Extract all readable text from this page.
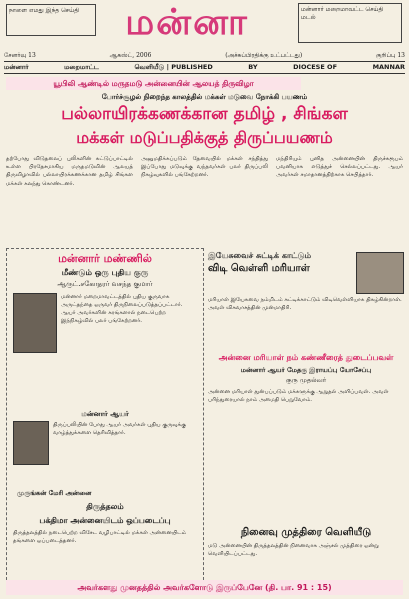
நாளை எமது இந்த செய்தி	மன்னா	மன்னார் மறைமாவட்ட செய்தி மடல்
சேனர்வு 13	ஆகஸ்ட், 2006	(அச்சுப்பிரதிக்கு உட்பட்டது)	குறிப்பு 13
மன்னார்	மறைமாட்ட	வெளியீடு | PUBLISHED	BY	DIOCESE OF	MANNAR
யூபிலி ஆண்டில் மருதமடு அன்னையின் ஆலயத் திருவிழா
போர்ச்சூழல் நிறைந்த காலத்தில் மக்கள் மடுவை நோக்கி பயணம்
பல்லாயிரக்கணக்கான தமிழ் , சிங்கள
மக்கள் மடுப்பதிக்குத் திருப்பயணம்
தற்போது விடுதலைப் புலிகளின் கட்டுப்பாட்டில் உள்ள பிரதேசமாகிய மருதமடுவின் ஆலயத் திருவிழாவில் பல்லாயிரக்கணக்கான தமிழ் சிங்கள மக்கள் கலந்து கொண்டனர்.
அனுமதிக்கப்படும் தேவையில் மக்கள் சந்தித்து இப்போது மடுவுக்கு வந்தவர்கள் பலர் திருப்பலி நிகழ்வுகளில் பங்கேற்றனர்.
மந்திரியும் புனித அன்னையின் திருச்சுரூபம் பவனியாக எடுத்துச் செல்லப்பட்டது. ஆயர் அவர்கள் சமாதானத்திற்காக செபித்தார்.
மன்னார் மண்ணில்
மீண்டும் ஒரு புதிய குரு
ஆருட்.சகோதரர் வசந்த குமார்
மன்னார் மறைமாவட்டத்தில் புதிய குருவாக அருட்தந்தை ஒருவர் திருநிலைப்படுத்தப்பட்டார். ஆயர் அவர்களின் கரங்களால் நடைபெற்ற இந்நிகழ்வில் பலர் பங்கேற்றனர்.
மன்னார் ஆயர்
திருப்பலியின் போது ஆயர் அவர்கள் புதிய குருவுக்கு வாழ்த்துக்களை தெரிவித்தார்.
முருங்கன் மேரி அன்னை
திருத்தலம்
பக்திமா அன்னையிடம் ஒப்படைப்பு
திருத்தலத்தில் நடைபெற்ற விசேட வழிபாட்டில் மக்கள் அன்னையிடம் தங்களை ஒப்படைத்தனர்.
இயேசுவைச் சுட்டிக் காட்டும்
விடி வெள்ளி மரியாள்
மரியாள் இயேசுவை நம்மிடம் சுட்டிக்காட்டும் விடிவெள்ளியாக திகழ்கின்றாள். அவள் விசுவாசத்தின் முன்மாதிரி.
அன்னை மரியாள் நம் கண்ணீரைத் துடைப்பவள்
மன்னார் ஆயர் மேதகு இராயப்பு யோசேப்பு
குரு முதல்வர்
அன்னை மரியாள் துன்பப்படும் மக்களுக்கு ஆறுதல் அளிப்பவள். அவள் பரிந்துரையால் நாம் அமைதி பெறுவோம்.
நினைவு முத்திரை வெளியீடு
மடு அன்னையின் திருத்தலத்தின் நினைவாக அஞ்சல் முத்திரை ஒன்று வெளியிடப்பட்டது.
அவர்களது முனதத்தில் அவர்களோடு இருப்பேனே (தி. பா. 91 : 15)
